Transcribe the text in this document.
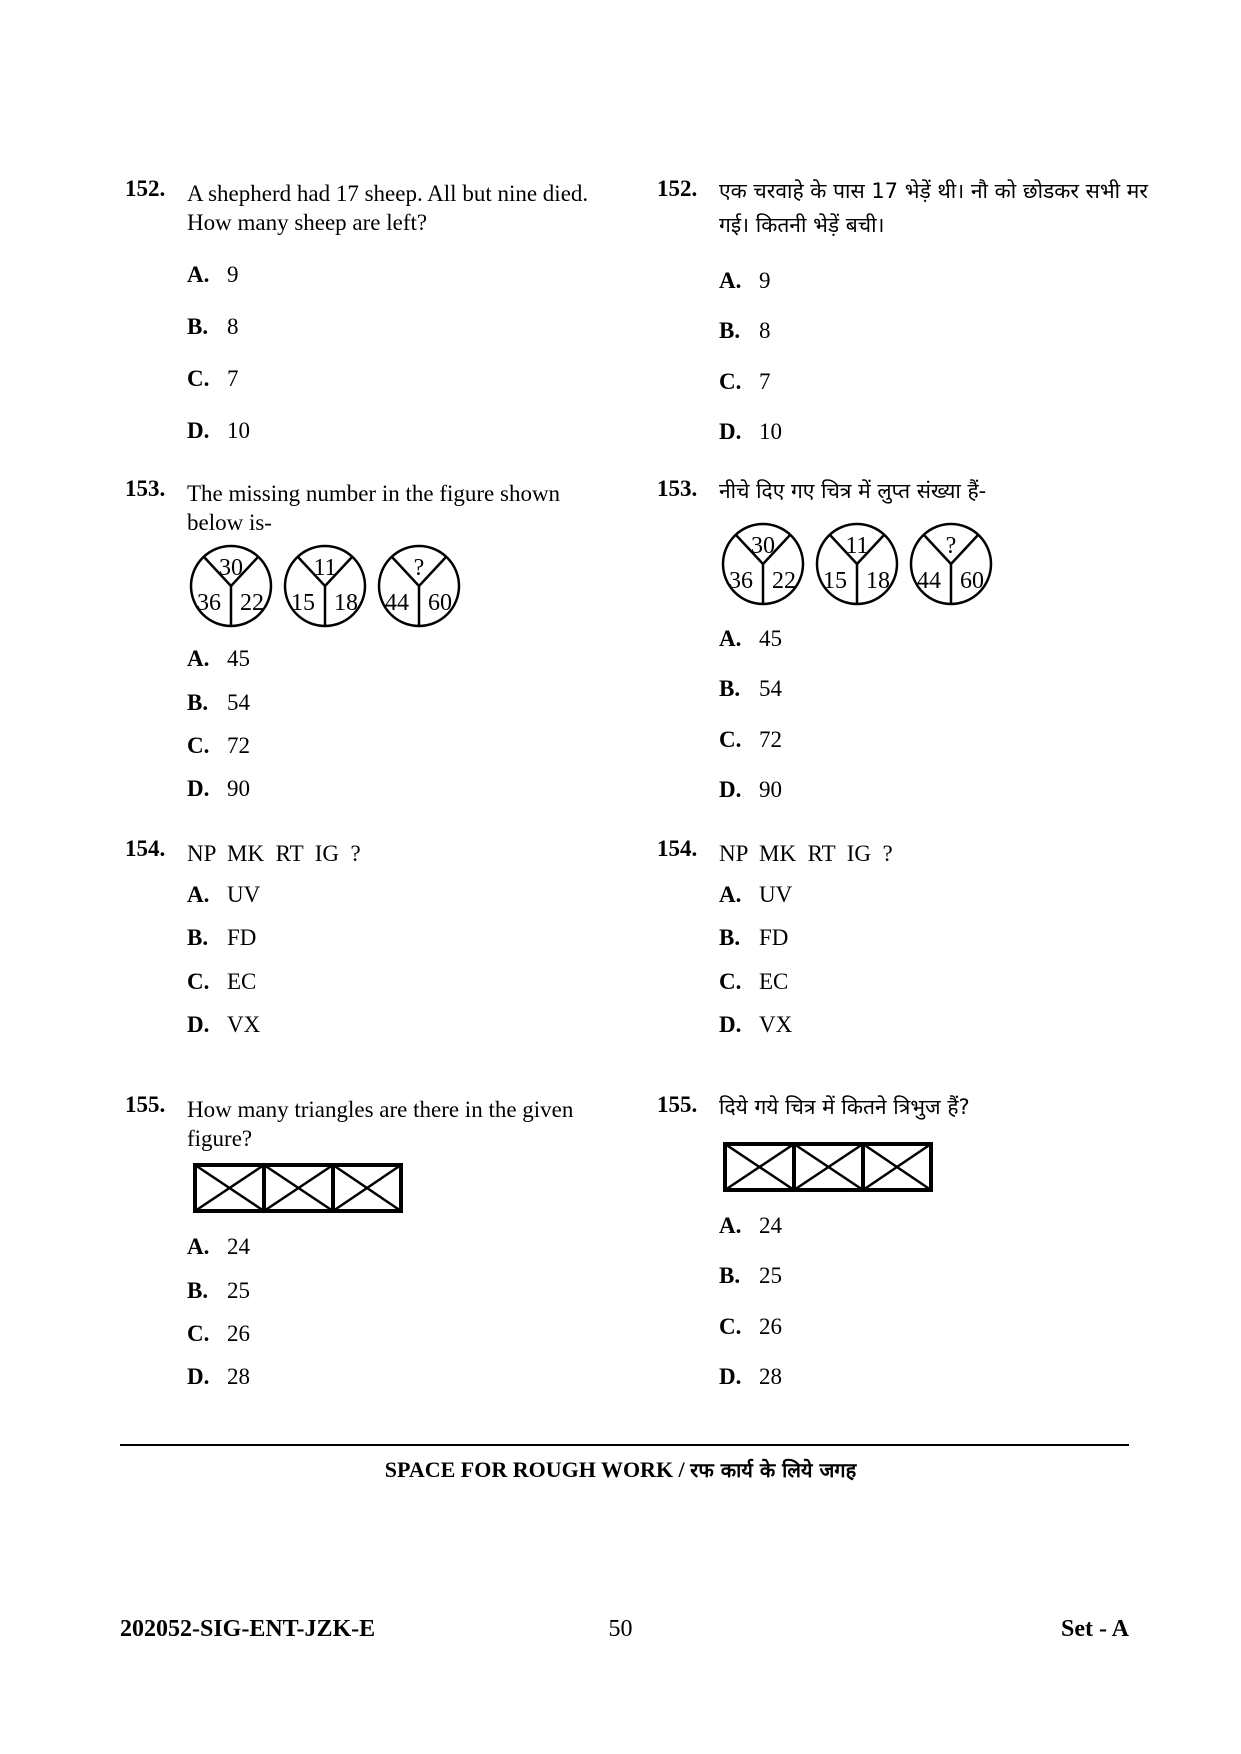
152. A shepherd had 17 sheep. All but nine died. How many sheep are left?
A. 9
B. 8
C. 7
D. 10
153. The missing number in the figure shown below is-
30
36 22
11
15 18
?
44 60
A. 45
B. 54
C. 72
D. 90
154. NP  MK  RT  IG  ?
A. UV
B. FD
C. EC
D. VX
155. How many triangles are there in the given figure?
A. 24
B. 25
C. 26
D. 28
152. एक चरवाहे के पास 17 भेड़ें थी। नौ को छोडकर सभी मर गई। कितनी भेड़ें बची।
A. 9
B. 8
C. 7
D. 10
153. नीचे दिए गए चित्र में लुप्त संख्या हैं-
30
36 22
11
15 18
?
44 60
A. 45
B. 54
C. 72
D. 90
154. NP  MK  RT  IG  ?
A. UV
B. FD
C. EC
D. VX
155. दिये गये चित्र में कितने त्रिभुज हैं?
A. 24
B. 25
C. 26
D. 28
SPACE FOR ROUGH WORK / रफ कार्य के लिये जगह
202052-SIG-ENT-JZK-E	50	Set - A
